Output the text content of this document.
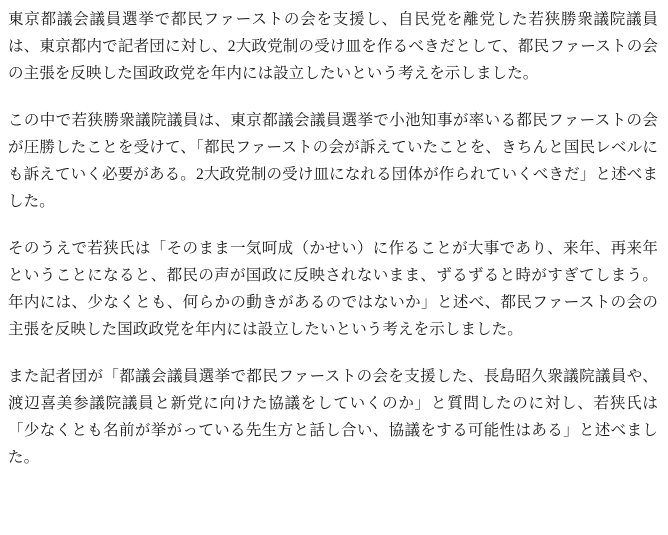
東京都議会議員選挙で都民ファーストの会を支援し、自民党を離党した若狭勝衆議院議員は、東京都内で記者団に対し、2大政党制の受け皿を作るべきだとして、都民ファーストの会の主張を反映した国政政党を年内には設立したいという考えを示しました。

この中で若狭勝衆議院議員は、東京都議会議員選挙で小池知事が率いる都民ファーストの会が圧勝したことを受けて、「都民ファーストの会が訴えていたことを、きちんと国民レベルにも訴えていく必要がある。2大政党制の受け皿になれる団体が作られていくべきだ」と述べました。

そのうえで若狭氏は「そのまま一気呵成（かせい）に作ることが大事であり、来年、再来年ということになると、都民の声が国政に反映されないまま、ずるずると時がすぎてしまう。年内には、少なくとも、何らかの動きがあるのではないか」と述べ、都民ファーストの会の主張を反映した国政政党を年内には設立したいという考えを示しました。

また記者団が「都議会議員選挙で都民ファーストの会を支援した、長島昭久衆議院議員や、渡辺喜美参議院議員と新党に向けた協議をしていくのか」と質問したのに対し、若狭氏は「少なくとも名前が挙がっている先生方と話し合い、協議をする可能性はある」と述べました。
